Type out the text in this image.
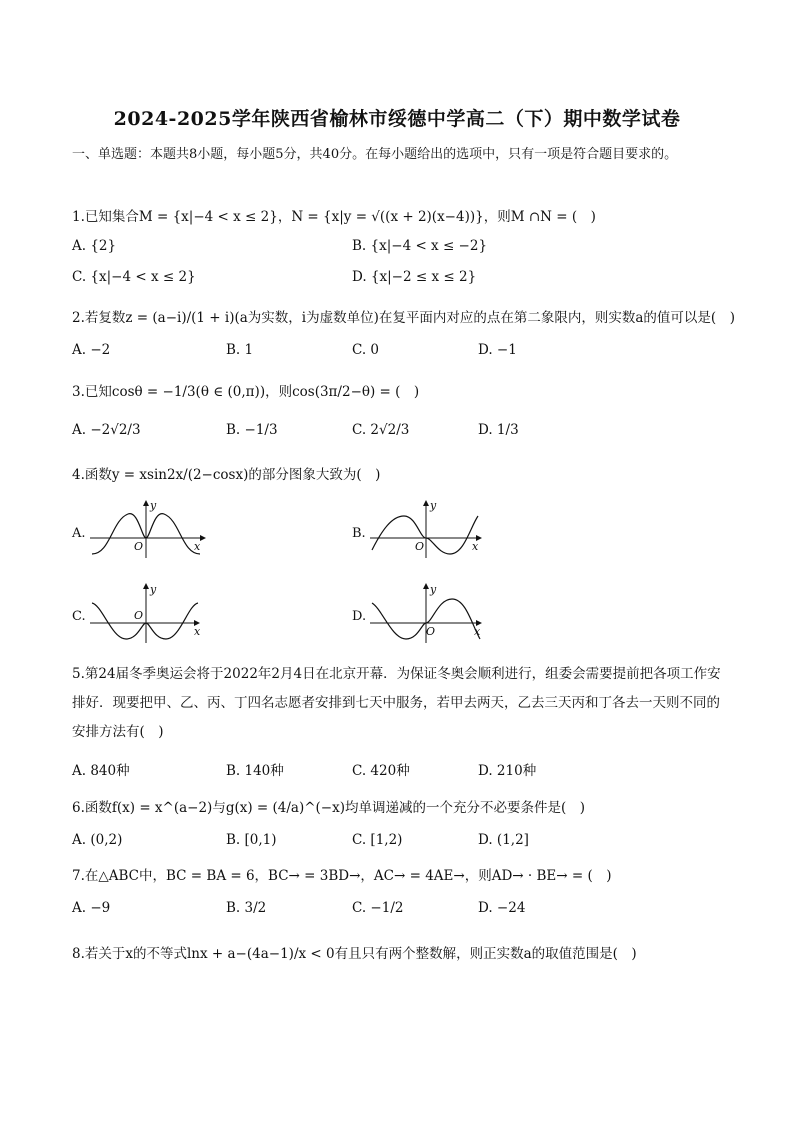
2024-2025学年陕西省榆林市绥德中学高二（下）期中数学试卷
一、单选题：本题共8小题，每小题5分，共40分。在每小题给出的选项中，只有一项是符合题目要求的。
1.已知集合M = {x|−4 < x ≤ 2}，N = {x|y = √((x + 2)(x−4))}，则M ∩N = (　)
A. {2}	B. {x|−4 < x ≤ −2}
C. {x|−4 < x ≤ 2}	D. {x|−2 ≤ x ≤ 2}
2.若复数z = (a−i)/(1 + i)(a为实数，i为虚数单位)在复平面内对应的点在第二象限内，则实数a的值可以是(　)
A. −2	B. 1	C. 0	D. −1
3.已知cosθ = −1/3(θ ∈ (0,π))，则cos(3π/2−θ) = (　)
A. −2√2/3	B. −1/3	C. 2√2/3	D. 1/3
4.函数y = xsin2x/(2−cosx)的部分图象大致为(　)
A.
y
O	x
B.
y
O	x
C.
y
O
x
D.
y
O	x
5.第24届冬季奥运会将于2022年2月4日在北京开幕．为保证冬奥会顺利进行，组委会需要提前把各项工作安排好．现要把甲、乙、丙、丁四名志愿者安排到七天中服务，若甲去两天，乙去三天丙和丁各去一天则不同的安排方法有(　)
A. 840种	B. 140种	C. 420种	D. 210种
6.函数f(x) = x^(a−2)与g(x) = (4/a)^(−x)均单调递减的一个充分不必要条件是(　)
A. (0,2)	B. [0,1)	C. [1,2)	D. (1,2]
7.在△ABC中，BC = BA = 6，BC→ = 3BD→，AC→ = 4AE→，则AD→ · BE→ = (　)
A. −9	B. 3/2	C. −1/2	D. −24
8.若关于x的不等式lnx + a−(4a−1)/x < 0有且只有两个整数解，则正实数a的取值范围是(　)
